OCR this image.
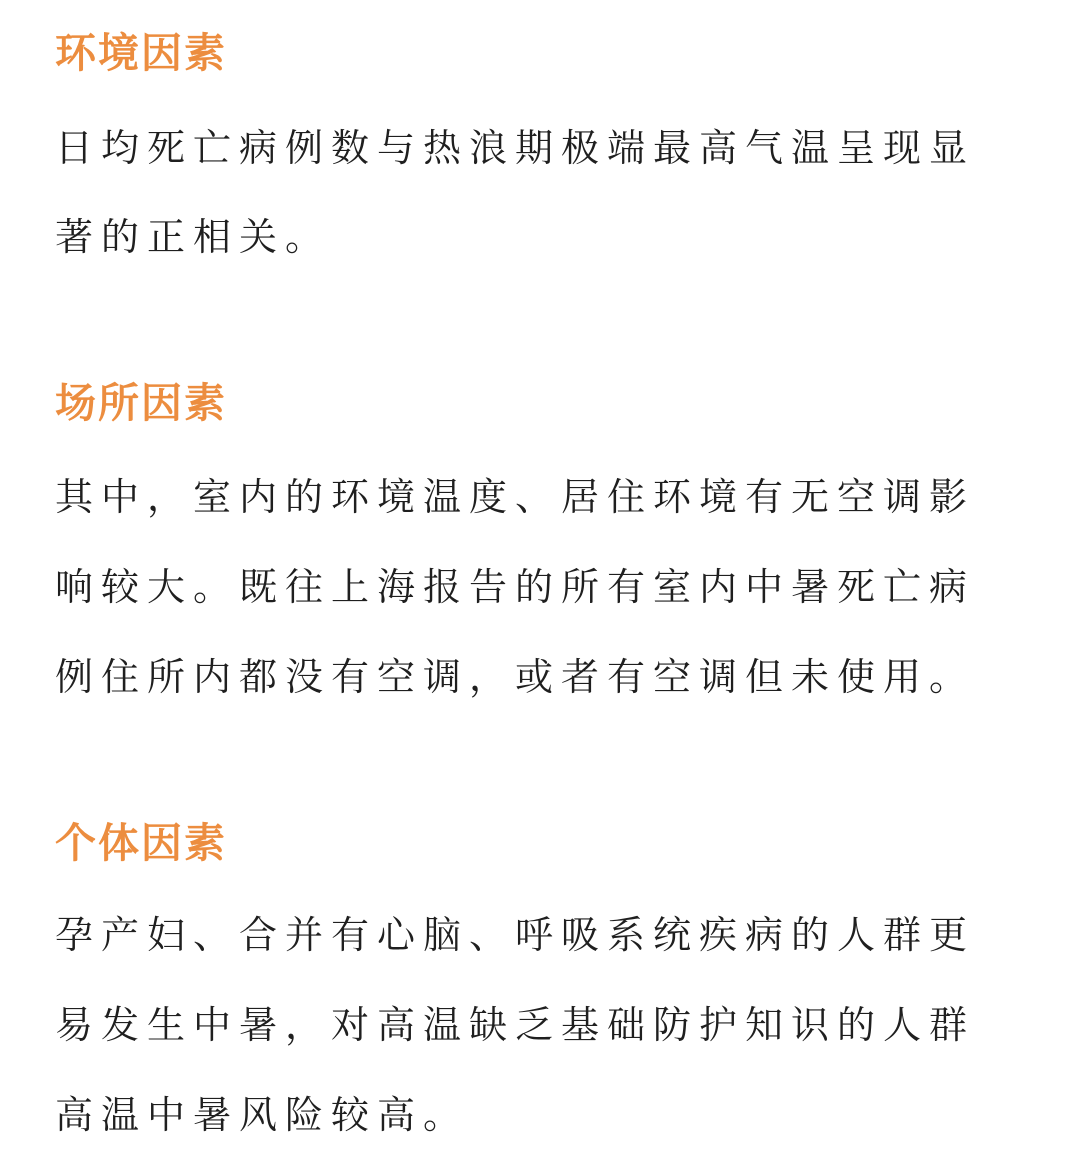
环境因素

日均死亡病例数与热浪期极端最高气温呈现显

著的正相关。

场所因素

其中，室内的环境温度、居住环境有无空调影

响较大。既往上海报告的所有室内中暑死亡病

例住所内都没有空调，或者有空调但未使用。

个体因素

孕产妇、合并有心脑、呼吸系统疾病的人群更

易发生中暑，对高温缺乏基础防护知识的人群

高温中暑风险较高。
